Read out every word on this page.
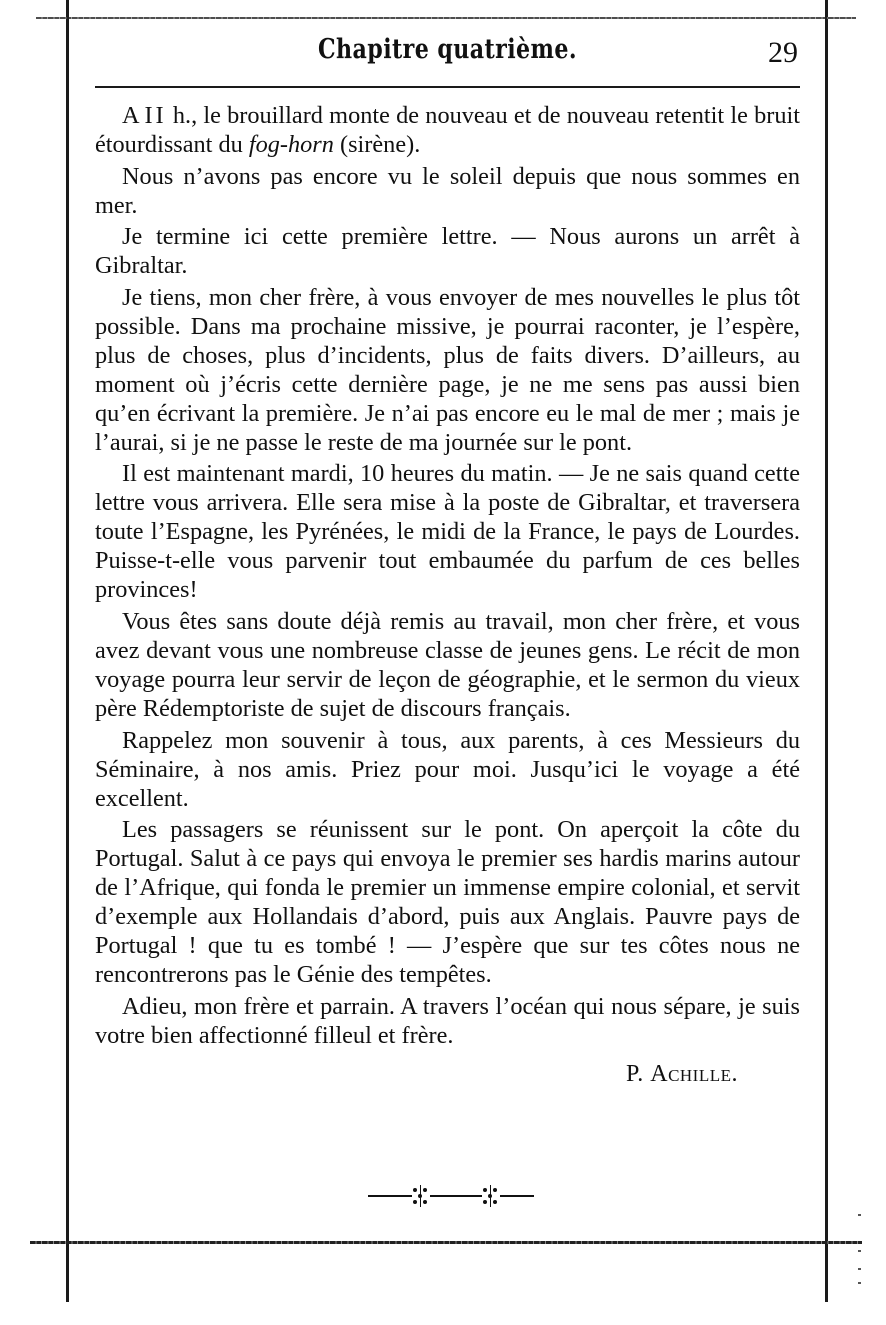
Chapitre quatrième.	29

A II h., le brouillard monte de nouveau et de nouveau retentit le bruit étourdissant du fog-horn (sirène).

Nous n’avons pas encore vu le soleil depuis que nous sommes en mer.

Je termine ici cette première lettre. — Nous aurons un arrêt à Gibraltar.

Je tiens, mon cher frère, à vous envoyer de mes nouvelles le plus tôt possible. Dans ma prochaine missive, je pourrai raconter, je l’espère, plus de choses, plus d’incidents, plus de faits divers. D’ailleurs, au moment où j’écris cette dernière page, je ne me sens pas aussi bien qu’en écrivant la première. Je n’ai pas encore eu le mal de mer ; mais je l’aurai, si je ne passe le reste de ma journée sur le pont.

Il est maintenant mardi, 10 heures du matin. — Je ne sais quand cette lettre vous arrivera. Elle sera mise à la poste de Gibraltar, et traversera toute l’Espagne, les Pyrénées, le midi de la France, le pays de Lourdes. Puisse-t-elle vous parvenir tout embaumée du parfum de ces belles provinces!

Vous êtes sans doute déjà remis au travail, mon cher frère, et vous avez devant vous une nombreuse classe de jeunes gens. Le récit de mon voyage pourra leur servir de leçon de géographie, et le sermon du vieux père Rédemptoriste de sujet de discours français.

Rappelez mon souvenir à tous, aux parents, à ces Messieurs du Séminaire, à nos amis. Priez pour moi. Jusqu’ici le voyage a été excellent.

Les passagers se réunissent sur le pont. On aperçoit la côte du Portugal. Salut à ce pays qui envoya le premier ses hardis marins autour de l’Afrique, qui fonda le premier un immense empire colonial, et servit d’exemple aux Hollandais d’abord, puis aux Anglais. Pauvre pays de Portugal ! que tu es tombé ! — J’espère que sur tes côtes nous ne rencontrerons pas le Génie des tempêtes.

Adieu, mon frère et parrain. A travers l’océan qui nous sépare, je suis votre bien affectionné filleul et frère.

P. Achille.
